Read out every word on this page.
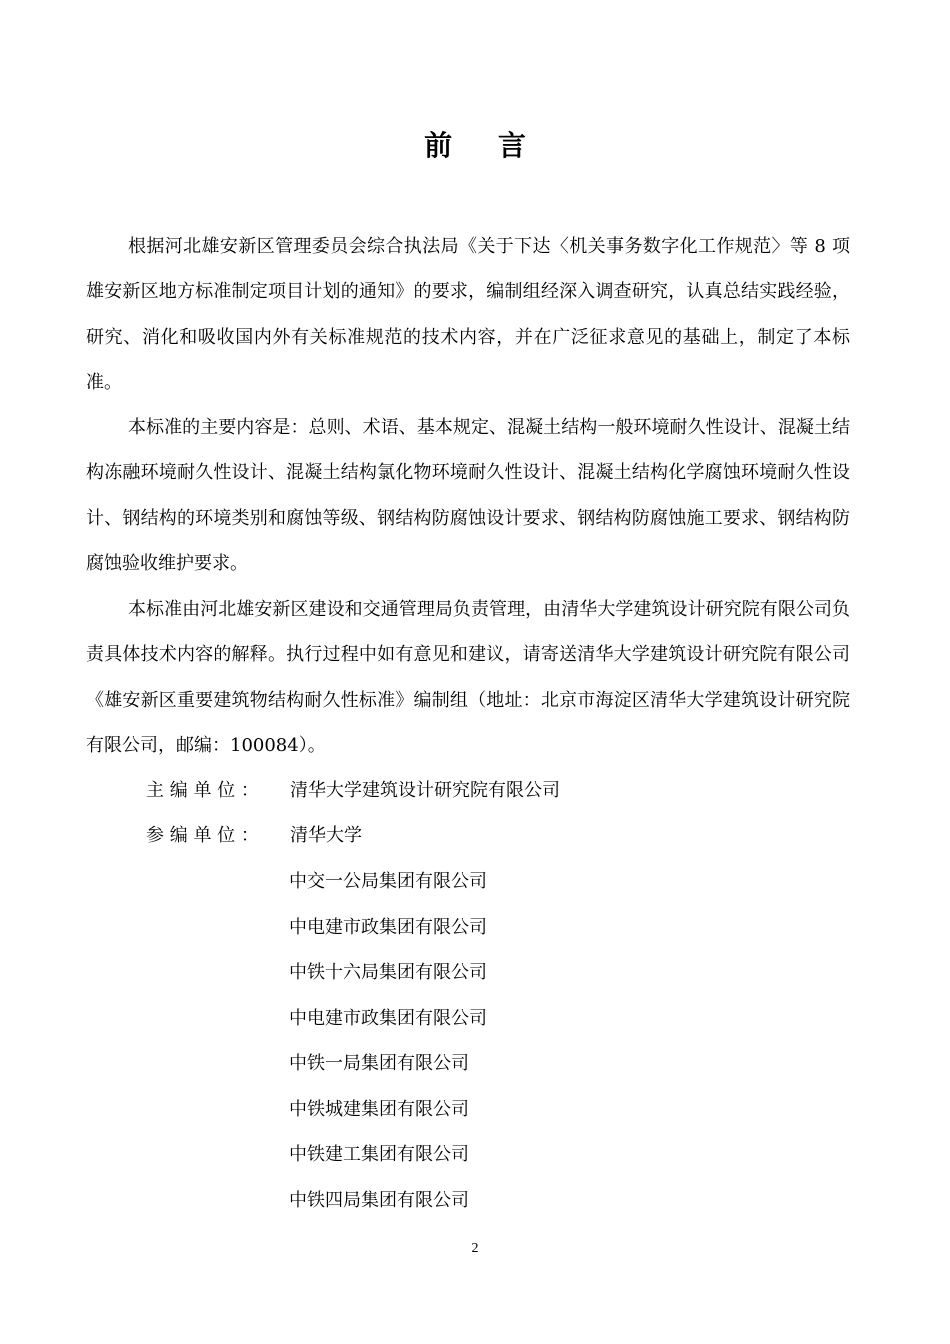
前 言

根据河北雄安新区管理委员会综合执法局《关于下达〈机关事务数字化工作规范〉等 8 项雄安新区地方标准制定项目计划的通知》的要求，编制组经深入调查研究，认真总结实践经验，研究、消化和吸收国内外有关标准规范的技术内容，并在广泛征求意见的基础上，制定了本标准。

本标准的主要内容是：总则、术语、基本规定、混凝土结构一般环境耐久性设计、混凝土结构冻融环境耐久性设计、混凝土结构氯化物环境耐久性设计、混凝土结构化学腐蚀环境耐久性设计、钢结构的环境类别和腐蚀等级、钢结构防腐蚀设计要求、钢结构防腐蚀施工要求、钢结构防腐蚀验收维护要求。

本标准由河北雄安新区建设和交通管理局负责管理，由清华大学建筑设计研究院有限公司负责具体技术内容的解释。执行过程中如有意见和建议，请寄送清华大学建筑设计研究院有限公司《雄安新区重要建筑物结构耐久性标准》编制组（地址：北京市海淀区清华大学建筑设计研究院有限公司，邮编：100084）。

主 编 单 位 ：	清华大学建筑设计研究院有限公司
参 编 单 位 ：	清华大学
中交一公局集团有限公司
中电建市政集团有限公司
中铁十六局集团有限公司
中电建市政集团有限公司
中铁一局集团有限公司
中铁城建集团有限公司
中铁建工集团有限公司
中铁四局集团有限公司
2
